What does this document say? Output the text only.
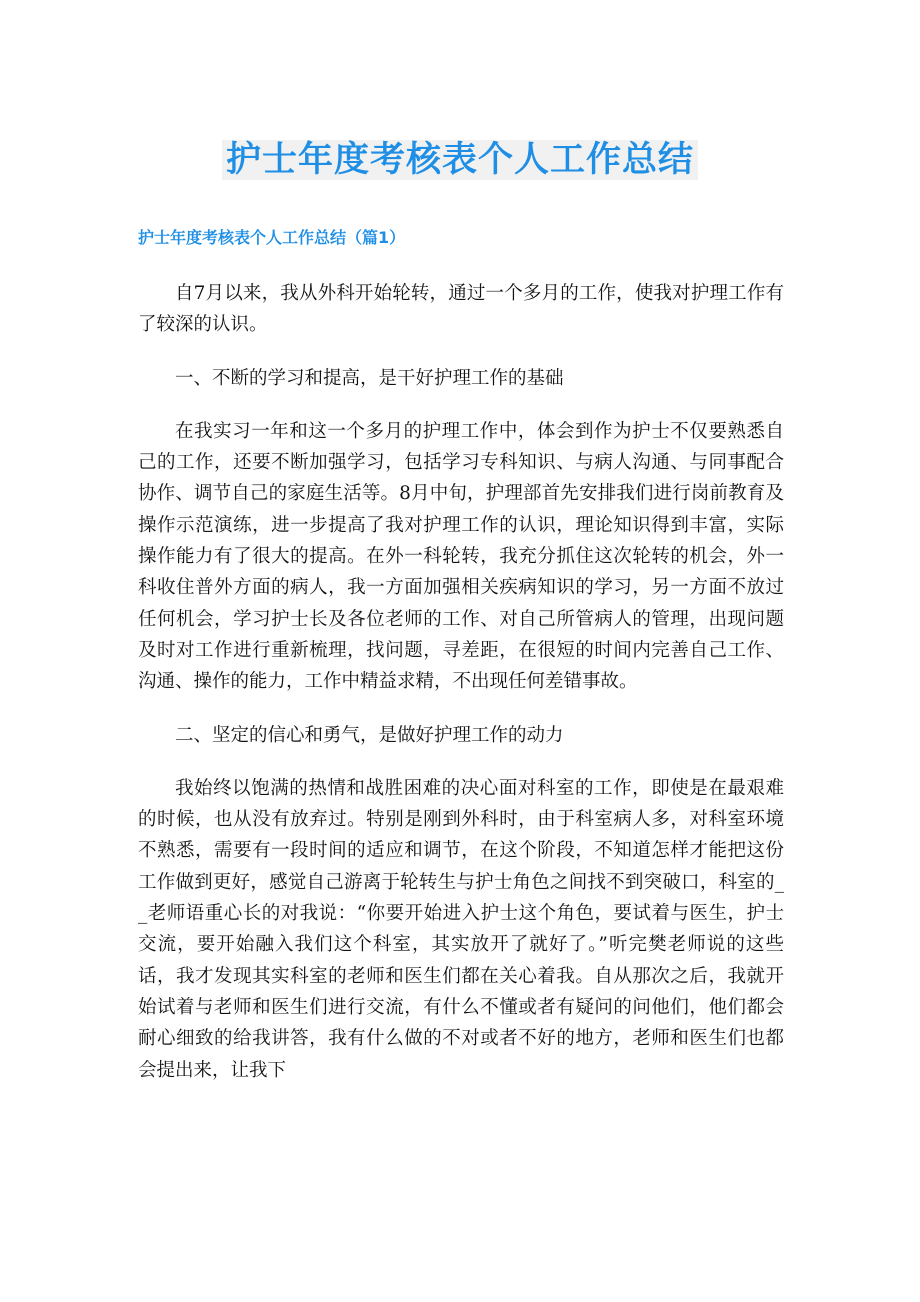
护士年度考核表个人工作总结
护士年度考核表个人工作总结（篇1）

自7月以来，我从外科开始轮转，通过一个多月的工作，使我对护理工作有了较深的认识。

一、不断的学习和提高，是干好护理工作的基础

在我实习一年和这一个多月的护理工作中，体会到作为护士不仅要熟悉自己的工作，还要不断加强学习，包括学习专科知识、与病人沟通、与同事配合协作、调节自己的家庭生活等。8月中旬，护理部首先安排我们进行岗前教育及操作示范演练，进一步提高了我对护理工作的认识，理论知识得到丰富，实际操作能力有了很大的提高。在外一科轮转，我充分抓住这次轮转的机会，外一科收住普外方面的病人，我一方面加强相关疾病知识的学习，另一方面不放过任何机会，学习护士长及各位老师的工作、对自己所管病人的管理，出现问题及时对工作进行重新梳理，找问题，寻差距，在很短的时间内完善自己工作、沟通、操作的能力，工作中精益求精，不出现任何差错事故。

二、坚定的信心和勇气，是做好护理工作的动力

我始终以饱满的热情和战胜困难的决心面对科室的工作，即使是在最艰难的时候，也从没有放弃过。特别是刚到外科时，由于科室病人多，对科室环境不熟悉，需要有一段时间的适应和调节，在这个阶段，不知道怎样才能把这份工作做到更好，感觉自己游离于轮转生与护士角色之间找不到突破口，科室的__老师语重心长的对我说：“你要开始进入护士这个角色，要试着与医生，护士交流，要开始融入我们这个科室，其实放开了就好了。”听完樊老师说的这些话，我才发现其实科室的老师和医生们都在关心着我。自从那次之后，我就开始试着与老师和医生们进行交流，有什么不懂或者有疑问的问他们，他们都会耐心细致的给我讲答，我有什么做的不对或者不好的地方，老师和医生们也都会提出来，让我下
